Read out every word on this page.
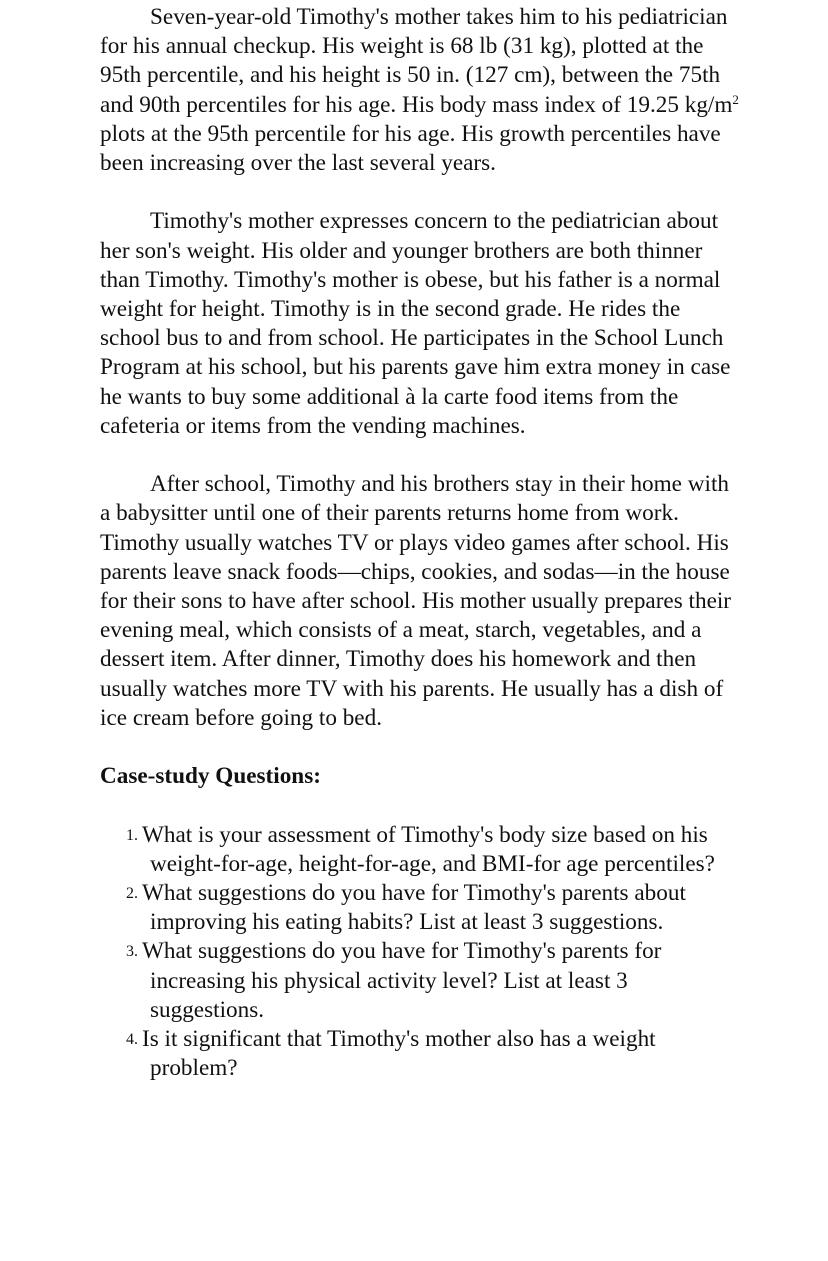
Seven-year-old Timothy's mother takes him to his pediatrician for his annual checkup. His weight is 68 lb (31 kg), plotted at the 95th percentile, and his height is 50 in. (127 cm), between the 75th and 90th percentiles for his age. His body mass index of 19.25 $kg/m^2$ plots at the 95th percentile for his age. His growth percentiles have been increasing over the last several years.

Timothy's mother expresses concern to the pediatrician about her son's weight. His older and younger brothers are both thinner than Timothy. Timothy's mother is obese, but his father is a normal weight for height. Timothy is in the second grade. He rides the school bus to and from school. He participates in the School Lunch Program at his school, but his parents gave him extra money in case he wants to buy some additional à la carte food items from the cafeteria or items from the vending machines.

After school, Timothy and his brothers stay in their home with a babysitter until one of their parents returns home from work. Timothy usually watches TV or plays video games after school. His parents leave snack foods—chips, cookies, and sodas—in the house for their sons to have after school. His mother usually prepares their evening meal, which consists of a meat, starch, vegetables, and a dessert item. After dinner, Timothy does his homework and then usually watches more TV with his parents. He usually has a dish of ice cream before going to bed.

Case-study Questions:
1. What is your assessment of Timothy's body size based on his weight-for-age, height-for-age, and BMI-for age percentiles?
2. What suggestions do you have for Timothy's parents about improving his eating habits? List at least 3 suggestions.
3. What suggestions do you have for Timothy's parents for increasing his physical activity level? List at least 3 suggestions.
4. Is it significant that Timothy's mother also has a weight problem?
